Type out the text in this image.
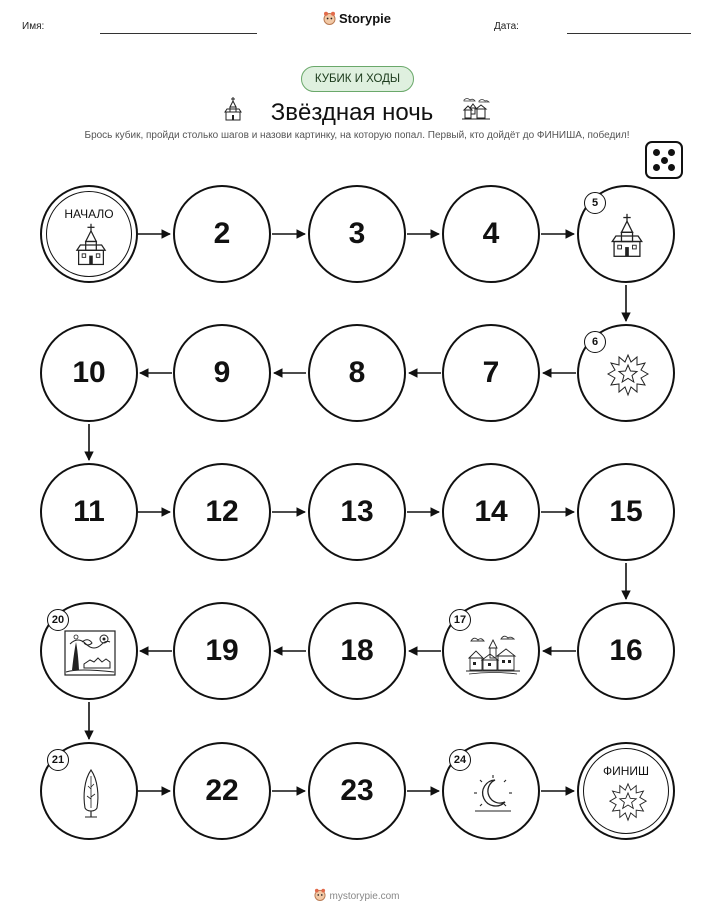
Имя:
Storypie
Дата:
КУБИК И ХОДЫ
Звёздная ночь
Брось кубик, пройди столько шагов и назови картинку, на которую попал. Первый, кто дойдёт до ФИНИША, победил!
НАЧАЛО
2	3	4
5
10	9	8	7
6
11	12	13	14	15
20
19	18
17
16
21
22	23
24
ФИНИШ
mystorypie.com
